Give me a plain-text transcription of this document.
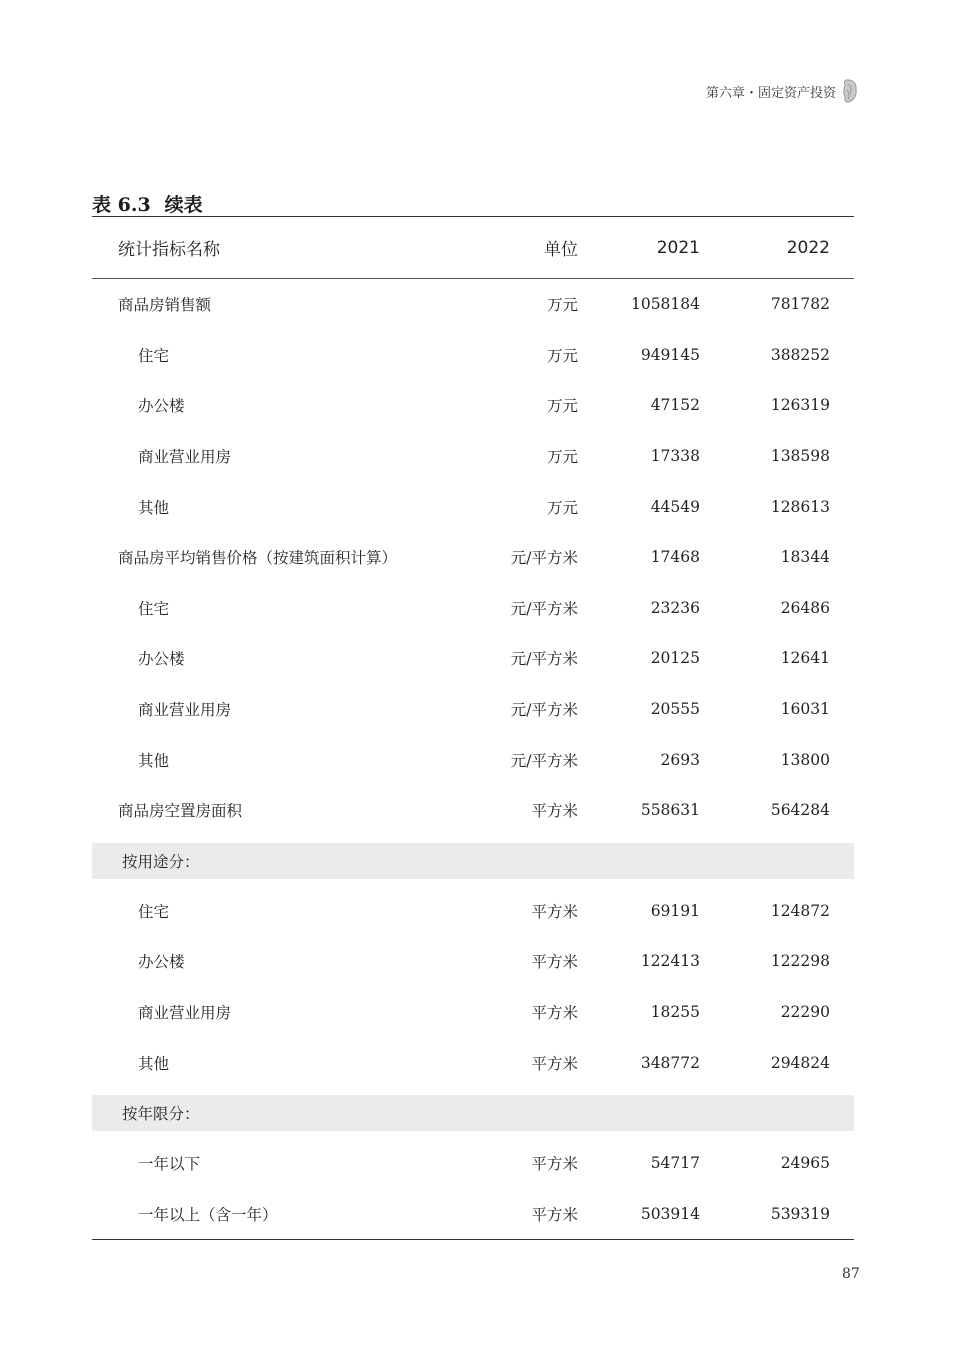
第六章・固定资产投资
表 6.3 续表
统计指标名称	单位	2021	2022
商品房销售额	万元	1058184	781782
住宅	万元	949145	388252
办公楼	万元	47152	126319
商业营业用房	万元	17338	138598
其他	万元	44549	128613
商品房平均销售价格（按建筑面积计算）	元/平方米	17468	18344
住宅	元/平方米	23236	26486
办公楼	元/平方米	20125	12641
商业营业用房	元/平方米	20555	16031
其他	元/平方米	2693	13800
商品房空置房面积	平方米	558631	564284
按用途分：
住宅	平方米	69191	124872
办公楼	平方米	122413	122298
商业营业用房	平方米	18255	22290
其他	平方米	348772	294824
按年限分：
一年以下	平方米	54717	24965
一年以上（含一年）	平方米	503914	539319
87
